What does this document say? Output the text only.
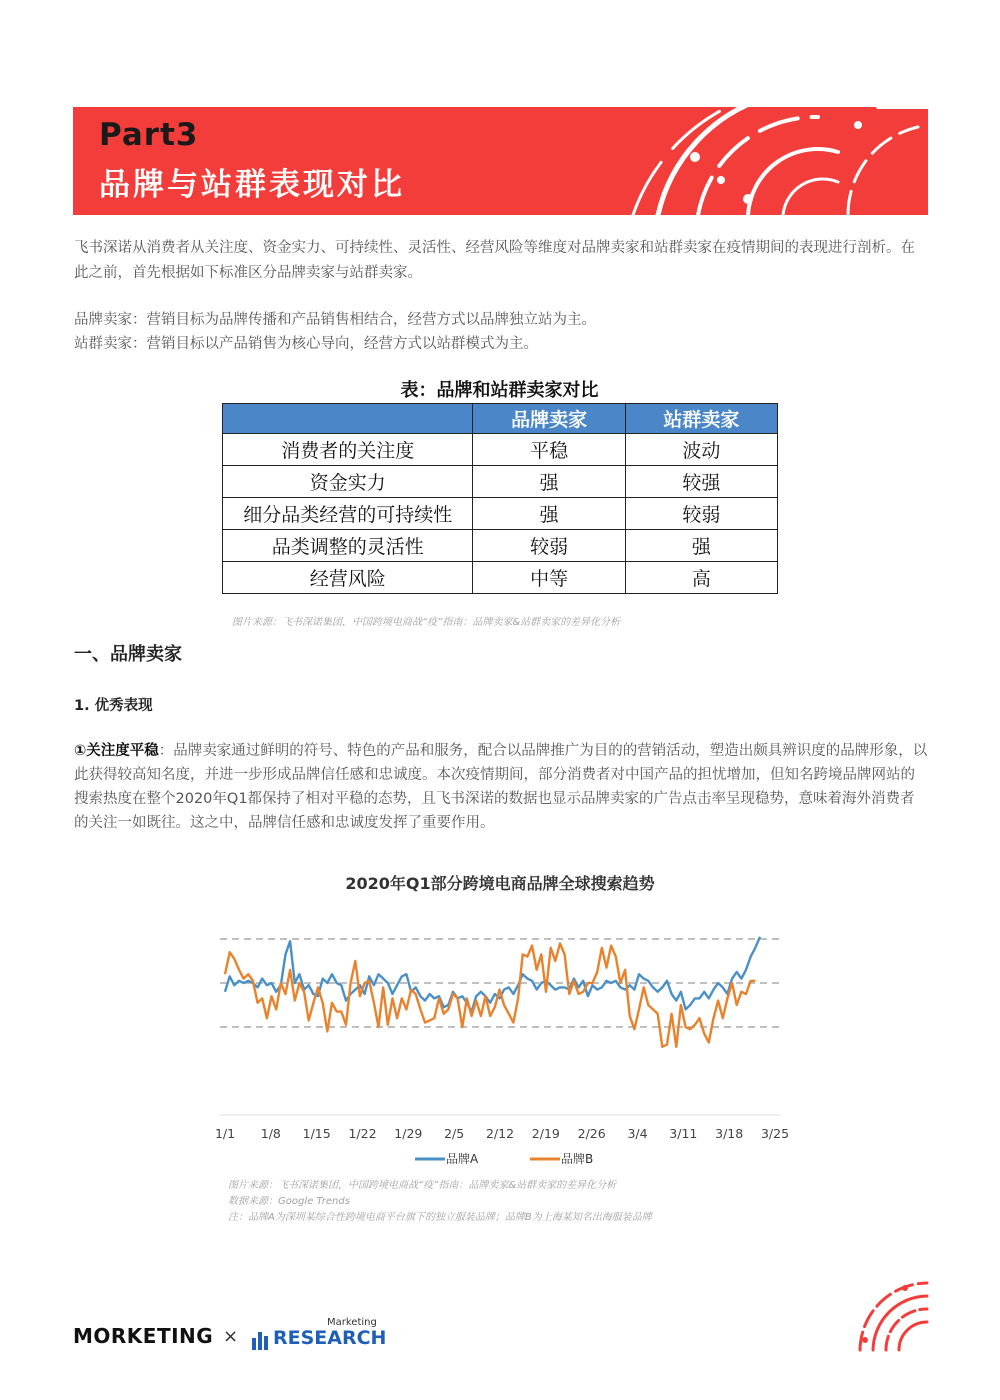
Part3
品牌与站群表现对比
飞书深诺从消费者从关注度、资金实力、可持续性、灵活性、经营风险等维度对品牌卖家和站群卖家在疫情期间的表现进行剖析。在此之前，首先根据如下标准区分品牌卖家与站群卖家。

品牌卖家：营销目标为品牌传播和产品销售相结合，经营方式以品牌独立站为主。

站群卖家：营销目标以产品销售为核心导向，经营方式以站群模式为主。

表：品牌和站群卖家对比
	品牌卖家	站群卖家
消费者的关注度	平稳	波动
资金实力	强	较强
细分品类经营的可持续性	强	较弱
品类调整的灵活性	较弱	强
经营风险	中等	高
图片来源：飞书深诺集团，中国跨境电商战“疫”指南：品牌卖家&站群卖家的差异化分析
一、品牌卖家
1. 优秀表现
①关注度平稳：品牌卖家通过鲜明的符号、特色的产品和服务，配合以品牌推广为目的的营销活动，塑造出颇具辨识度的品牌形象，以此获得较高知名度，并进一步形成品牌信任感和忠诚度。本次疫情期间，部分消费者对中国产品的担忧增加，但知名跨境品牌网站的搜索热度在整个2020年Q1都保持了相对平稳的态势，且飞书深诺的数据也显示品牌卖家的广告点击率呈现稳势，意味着海外消费者的关注一如既往。这之中，品牌信任感和忠诚度发挥了重要作用。
2020年Q1部分跨境电商品牌全球搜索趋势
1/1 1/8 1/15 1/22 1/29 2/5 2/12 2/19 2/26 3/4 3/11 3/18 3/25
品牌A	品牌B
图片来源：飞书深诺集团，中国跨境电商战“疫”指南：品牌卖家&站群卖家的差异化分析
数据来源：Google Trends
注：品牌A为深圳某综合性跨境电商平台旗下的独立服装品牌；品牌B为上海某知名出海服装品牌
MORKETING ×
Marketing
RESEARCH
